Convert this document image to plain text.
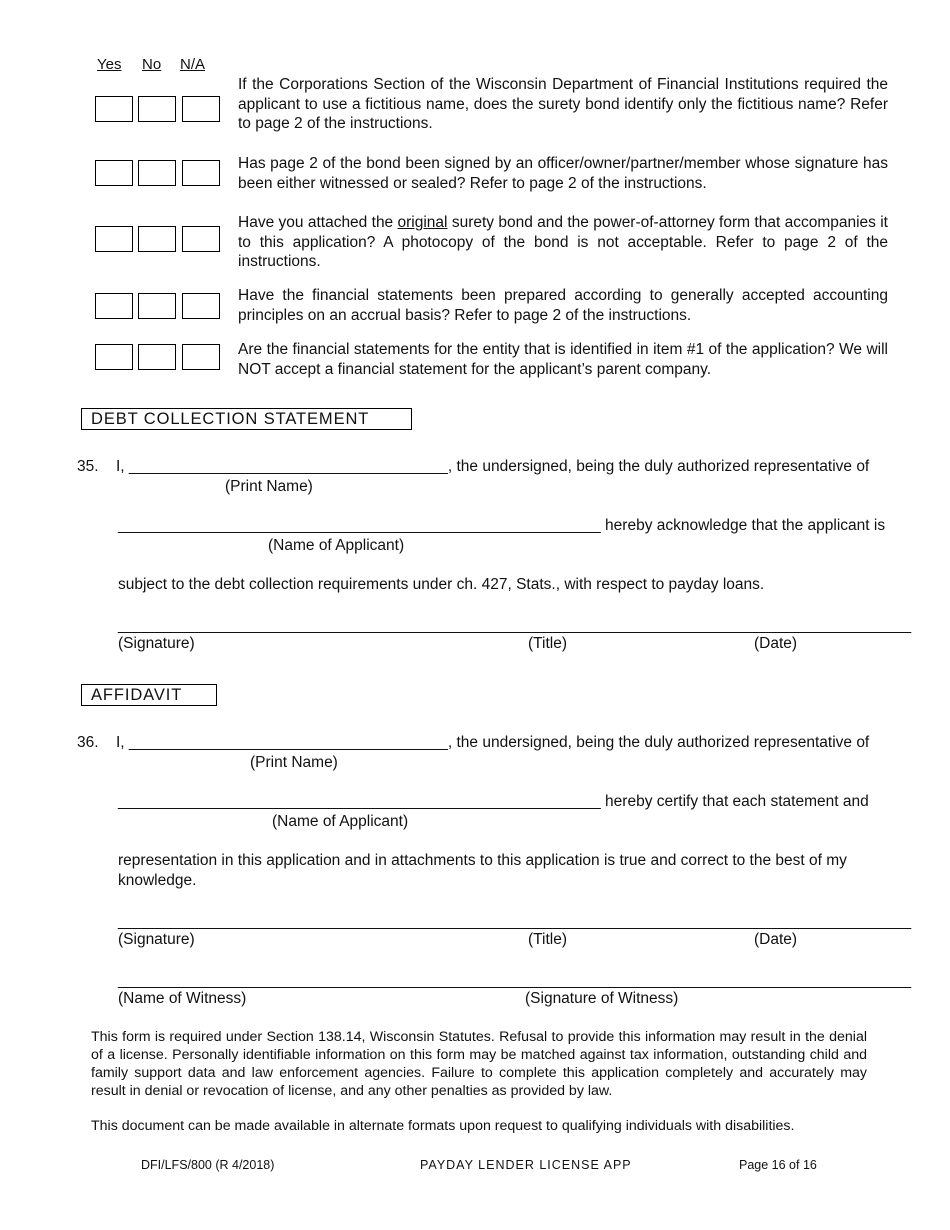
Yes No N/A
If the Corporations Section of the Wisconsin Department of Financial Institutions required the applicant to use a fictitious name, does the surety bond identify only the fictitious name? Refer to page 2 of the instructions.
Has page 2 of the bond been signed by an officer/owner/partner/member whose signature has been either witnessed or sealed? Refer to page 2 of the instructions.
Have you attached the original surety bond and the power-of-attorney form that accompanies it to this application? A photocopy of the bond is not acceptable. Refer to page 2 of the instructions.
Have the financial statements been prepared according to generally accepted accounting principles on an accrual basis? Refer to page 2 of the instructions.
Are the financial statements for the entity that is identified in item #1 of the application? We will NOT accept a financial statement for the applicant’s parent company.
DEBT COLLECTION STATEMENT
35. I, _____________________________________, the undersigned, being the duly authorized representative of
(Print Name)
________________________________________________________ hereby acknowledge that the applicant is
(Name of Applicant)
subject to the debt collection requirements under ch. 427, Stats., with respect to payday loans.
____________________________________________________________________________________________
(Signature)	(Title)	(Date)
AFFIDAVIT
36. I, _____________________________________, the undersigned, being the duly authorized representative of
(Print Name)
________________________________________________________ hereby certify that each statement and
(Name of Applicant)
representation in this application and in attachments to this application is true and correct to the best of my
knowledge.
____________________________________________________________________________________________
(Signature)	(Title)	(Date)
____________________________________________________________________________________________
(Name of Witness)	(Signature of Witness)
This form is required under Section 138.14, Wisconsin Statutes. Refusal to provide this information may result in the denial of a license. Personally identifiable information on this form may be matched against tax information, outstanding child and family support data and law enforcement agencies. Failure to complete this application completely and accurately may result in denial or revocation of license, and any other penalties as provided by law.
This document can be made available in alternate formats upon request to qualifying individuals with disabilities.
DFI/LFS/800 (R 4/2018)	PAYDAY LENDER LICENSE APP	Page 16 of 16
